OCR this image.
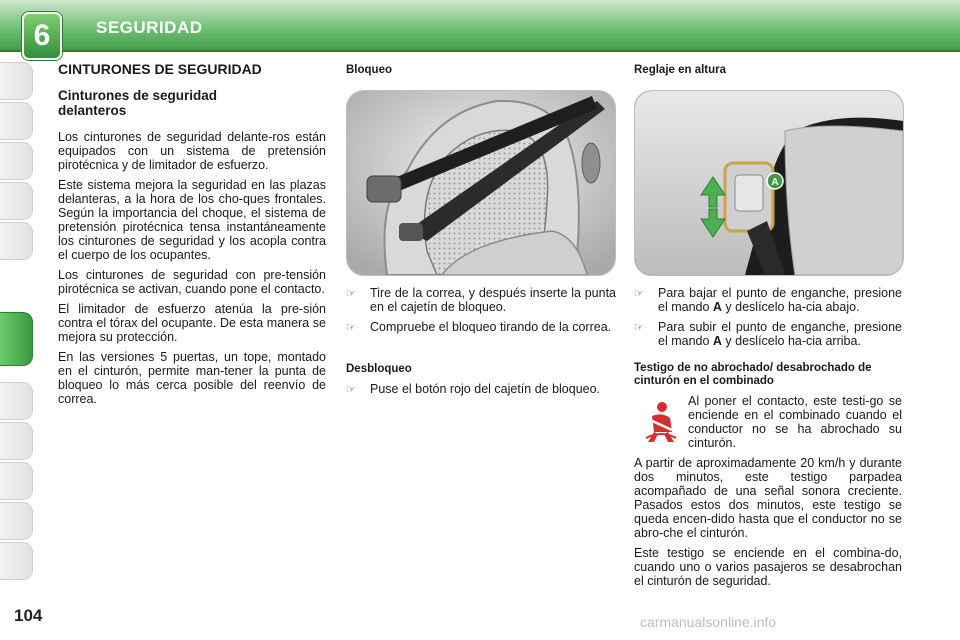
6	SEGURIDAD
CINTURONES DE SEGURIDAD
Cinturones de seguridad delanteros

Los cinturones de seguridad delante-ros están equipados con un sistema de pretensión pirotécnica y de limitador de esfuerzo.

Este sistema mejora la seguridad en las plazas delanteras, a la hora de los cho-ques frontales. Según la importancia del choque, el sistema de pretensión pirotécnica tensa instantáneamente los cinturones de seguridad y los acopla contra el cuerpo de los ocupantes.

Los cinturones de seguridad con pre-tensión pirotécnica se activan, cuando pone el contacto.

El limitador de esfuerzo atenúa la pre-sión contra el tórax del ocupante. De esta manera se mejora su protección.

En las versiones 5 puertas, un tope, montado en el cinturón, permite man-tener la punta de bloqueo lo más cerca posible del reenvío de correa.

Bloqueo
☞	Tire de la correa, y después inserte la punta en el cajetín de bloqueo.
☞	Compruebe el bloqueo tirando de la correa.
Desbloqueo
☞	Puse el botón rojo del cajetín de bloqueo.
Reglaje en altura
A
☞	Para bajar el punto de enganche, presione el mando A y deslícelo ha-cia abajo.
☞	Para subir el punto de enganche, presione el mando A y deslícelo ha-cia arriba.
Testigo de no abrochado/ desabrochado de cinturón en el combinado

Al poner el contacto, este testi-go se enciende en el combinado cuando el conductor no se ha abrochado su cinturón.

A partir de aproximadamente 20 km/h y durante dos minutos, este testigo parpadea acompañado de una señal sonora creciente. Pasados estos dos minutos, este testigo se queda encen-dido hasta que el conductor no se abro-che el cinturón.

Este testigo se enciende en el combina-do, cuando uno o varios pasajeros se desabrochan el cinturón de seguridad.

104	carmanualsonline.info
